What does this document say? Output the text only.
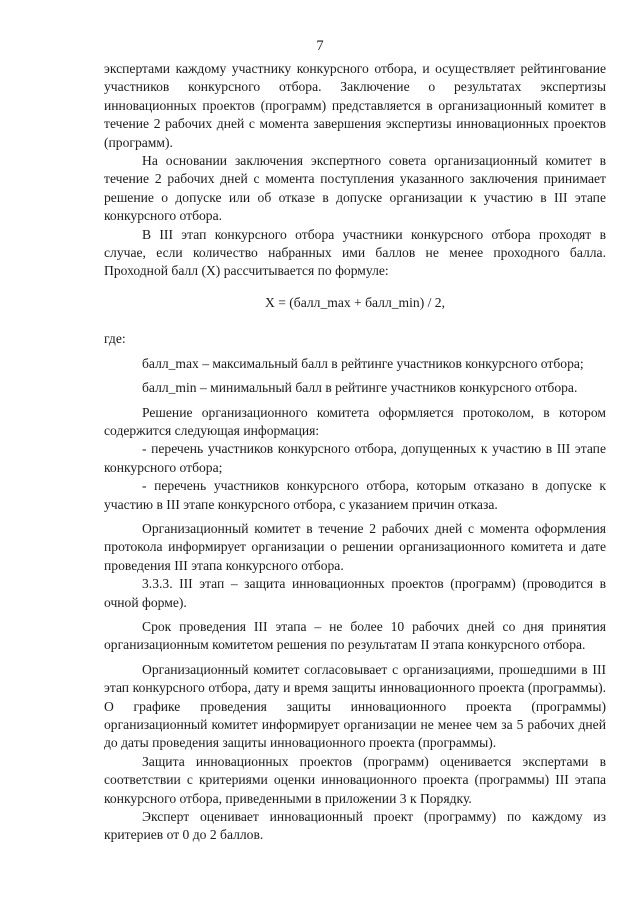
7

экспертами каждому участнику конкурсного отбора, и осуществляет рейтингование участников конкурсного отбора. Заключение о результатах экспертизы инновационных проектов (программ) представляется в организационный комитет в течение 2 рабочих дней с момента завершения экспертизы инновационных проектов (программ).

На основании заключения экспертного совета организационный комитет в течение 2 рабочих дней с момента поступления указанного заключения принимает решение о допуске или об отказе в допуске организации к участию в III этапе конкурсного отбора.

В III этап конкурсного отбора участники конкурсного отбора проходят в случае, если количество набранных ими баллов не менее проходного балла. Проходной балл (X) рассчитывается по формуле:

X = (балл_max + балл_min) / 2,

где:

балл_max – максимальный балл в рейтинге участников конкурсного отбора;

балл_min – минимальный балл в рейтинге участников конкурсного отбора.

Решение организационного комитета оформляется протоколом, в котором содержится следующая информация:

- перечень участников конкурсного отбора, допущенных к участию в III этапе конкурсного отбора;

- перечень участников конкурсного отбора, которым отказано в допуске к участию в III этапе конкурсного отбора, с указанием причин отказа.

Организационный комитет в течение 2 рабочих дней с момента оформления протокола информирует организации о решении организационного комитета и дате проведения III этапа конкурсного отбора.

3.3.3. III этап – защита инновационных проектов (программ) (проводится в очной форме).

Срок проведения III этапа – не более 10 рабочих дней со дня принятия организационным комитетом решения по результатам II этапа конкурсного отбора.

Организационный комитет согласовывает с организациями, прошедшими в III этап конкурсного отбора, дату и время защиты инновационного проекта (программы). О графике проведения защиты инновационного проекта (программы) организационный комитет информирует организации не менее чем за 5 рабочих дней до даты проведения защиты инновационного проекта (программы).

Защита инновационных проектов (программ) оценивается экспертами в соответствии с критериями оценки инновационного проекта (программы) III этапа конкурсного отбора, приведенными в приложении 3 к Порядку.

Эксперт оценивает инновационный проект (программу) по каждому из критериев от 0 до 2 баллов.
